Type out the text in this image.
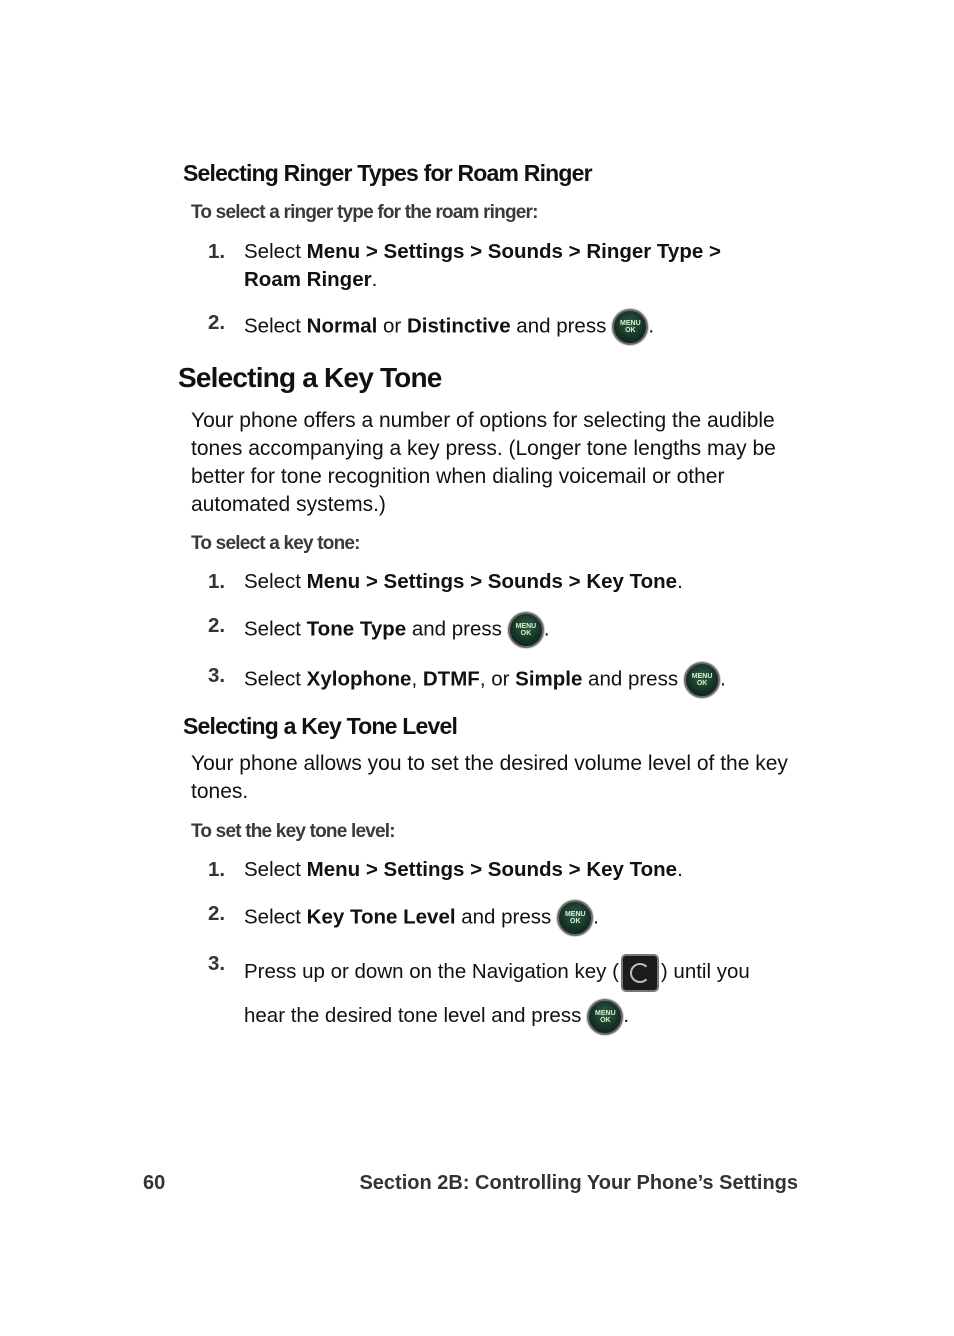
Selecting Ringer Types for Roam Ringer
To select a ringer type for the roam ringer:
1. Select Menu > Settings > Sounds > Ringer Type >
Roam Ringer.
2. Select Normal or Distinctive and press	MENU
OK .
Selecting a Key Tone
Your phone offers a number of options for selecting the audible tones accompanying a key press. (Longer tone lengths may be better for tone recognition when dialing voicemail or other automated systems.)
To select a key tone:
1. Select Menu > Settings > Sounds > Key Tone.
2. Select Tone Type and press	MENU
OK .
3. Select Xylophone, DTMF, or Simple and press	MENU
OK .
Selecting a Key Tone Level
Your phone allows you to set the desired volume level of the key tones.
To set the key tone level:
1. Select Menu > Settings > Sounds > Key Tone.
2. Select Key Tone Level and press	MENU
OK .
3. Press up or down on the Navigation key ( ) until you
hear the desired tone level and press	MENU
OK .
60	Section 2B: Controlling Your Phone’s Settings
